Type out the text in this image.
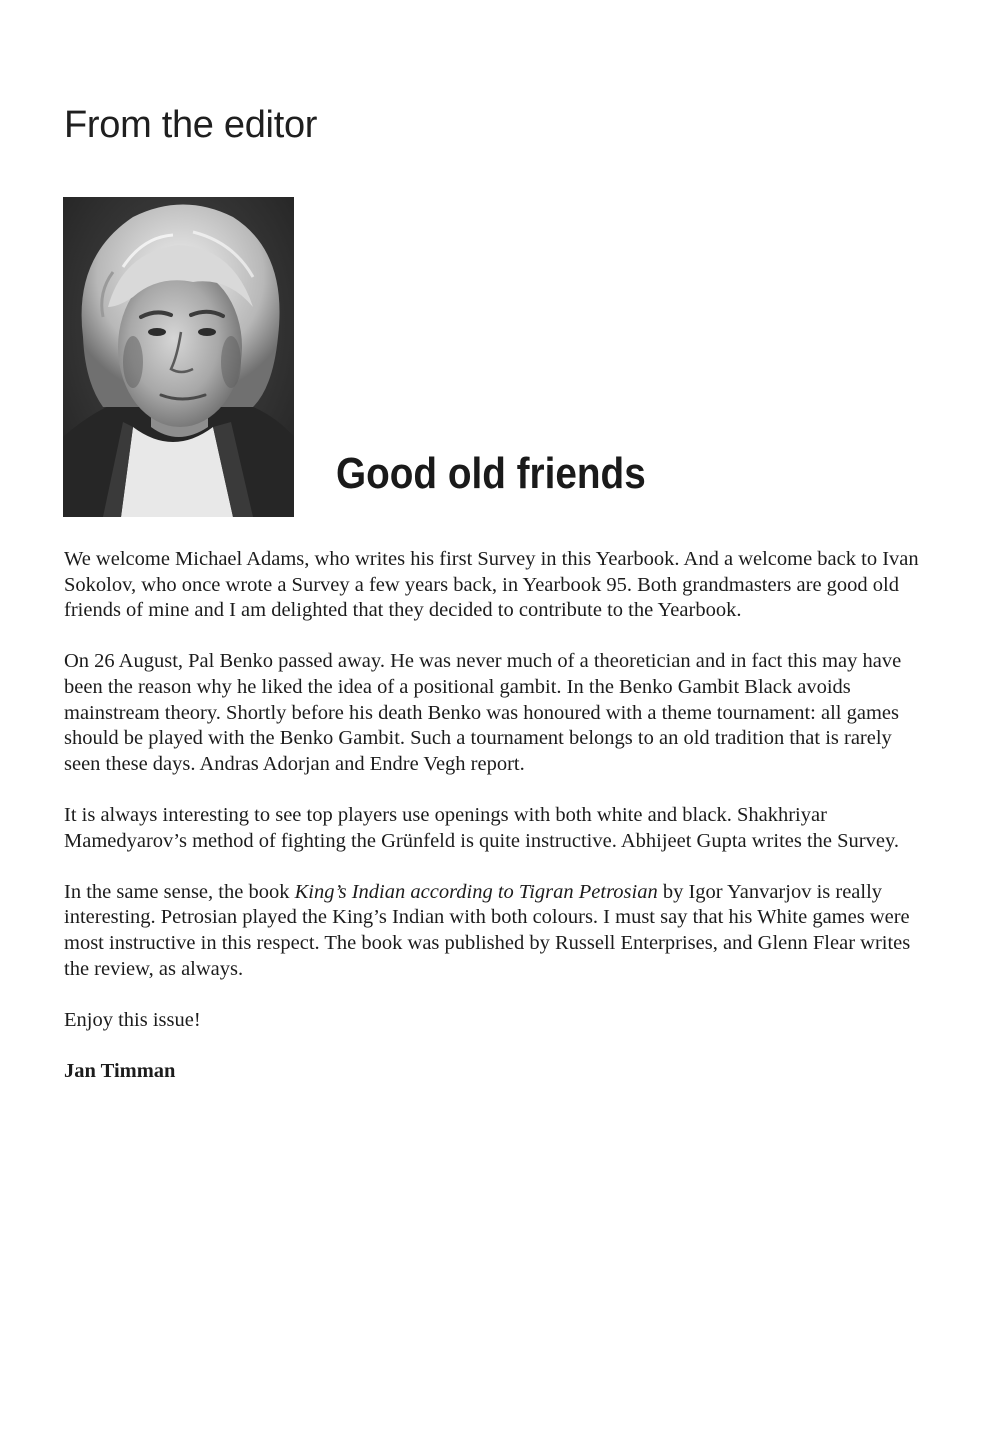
From the editor
Good old friends

We welcome Michael Adams, who writes his first Survey in this Yearbook. And a welcome back to Ivan Sokolov, who once wrote a Survey a few years back, in Yearbook 95. Both grandmasters are good old friends of mine and I am delighted that they decided to contribute to the Yearbook.

On 26 August, Pal Benko passed away. He was never much of a theoretician and in fact this may have been the reason why he liked the idea of a positional gambit. In the Benko Gambit Black avoids mainstream theory. Shortly before his death Benko was honoured with a theme tournament: all games should be played with the Benko Gambit. Such a tournament belongs to an old tradition that is rarely seen these days. Andras Adorjan and Endre Vegh report.

It is always interesting to see top players use openings with both white and black. Shakhriyar Mamedyarov’s method of fighting the Grünfeld is quite instructive. Abhijeet Gupta writes the Survey.

In the same sense, the book King’s Indian according to Tigran Petrosian by Igor Yanvarjov is really interesting. Petrosian played the King’s Indian with both colours. I must say that his White games were most instructive in this respect. The book was published by Russell Enterprises, and Glenn Flear writes the review, as always.

Enjoy this issue!

Jan Timman
